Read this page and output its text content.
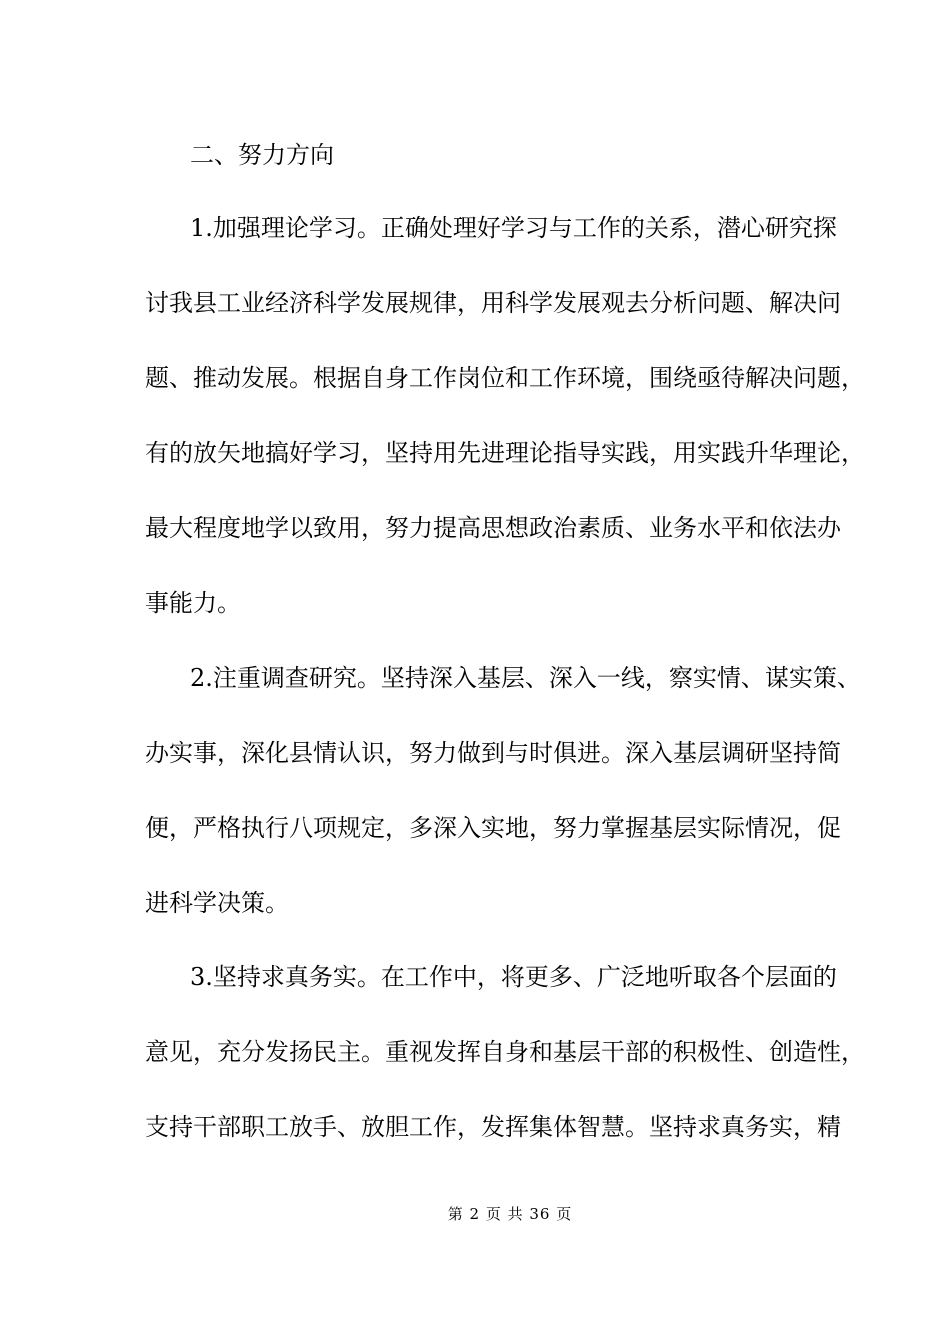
二、努力方向
1.加强理论学习。正确处理好学习与工作的关系，潜心研究探
讨我县工业经济科学发展规律，用科学发展观去分析问题、解决问
题、推动发展。根据自身工作岗位和工作环境，围绕亟待解决问题，
有的放矢地搞好学习，坚持用先进理论指导实践，用实践升华理论，
最大程度地学以致用，努力提高思想政治素质、业务水平和依法办
事能力。
2.注重调查研究。坚持深入基层、深入一线，察实情、谋实策、
办实事，深化县情认识，努力做到与时俱进。深入基层调研坚持简
便，严格执行八项规定，多深入实地，努力掌握基层实际情况，促
进科学决策。
3.坚持求真务实。在工作中，将更多、广泛地听取各个层面的
意见，充分发扬民主。重视发挥自身和基层干部的积极性、创造性，
支持干部职工放手、放胆工作，发挥集体智慧。坚持求真务实，精
第 2 页 共 36 页
